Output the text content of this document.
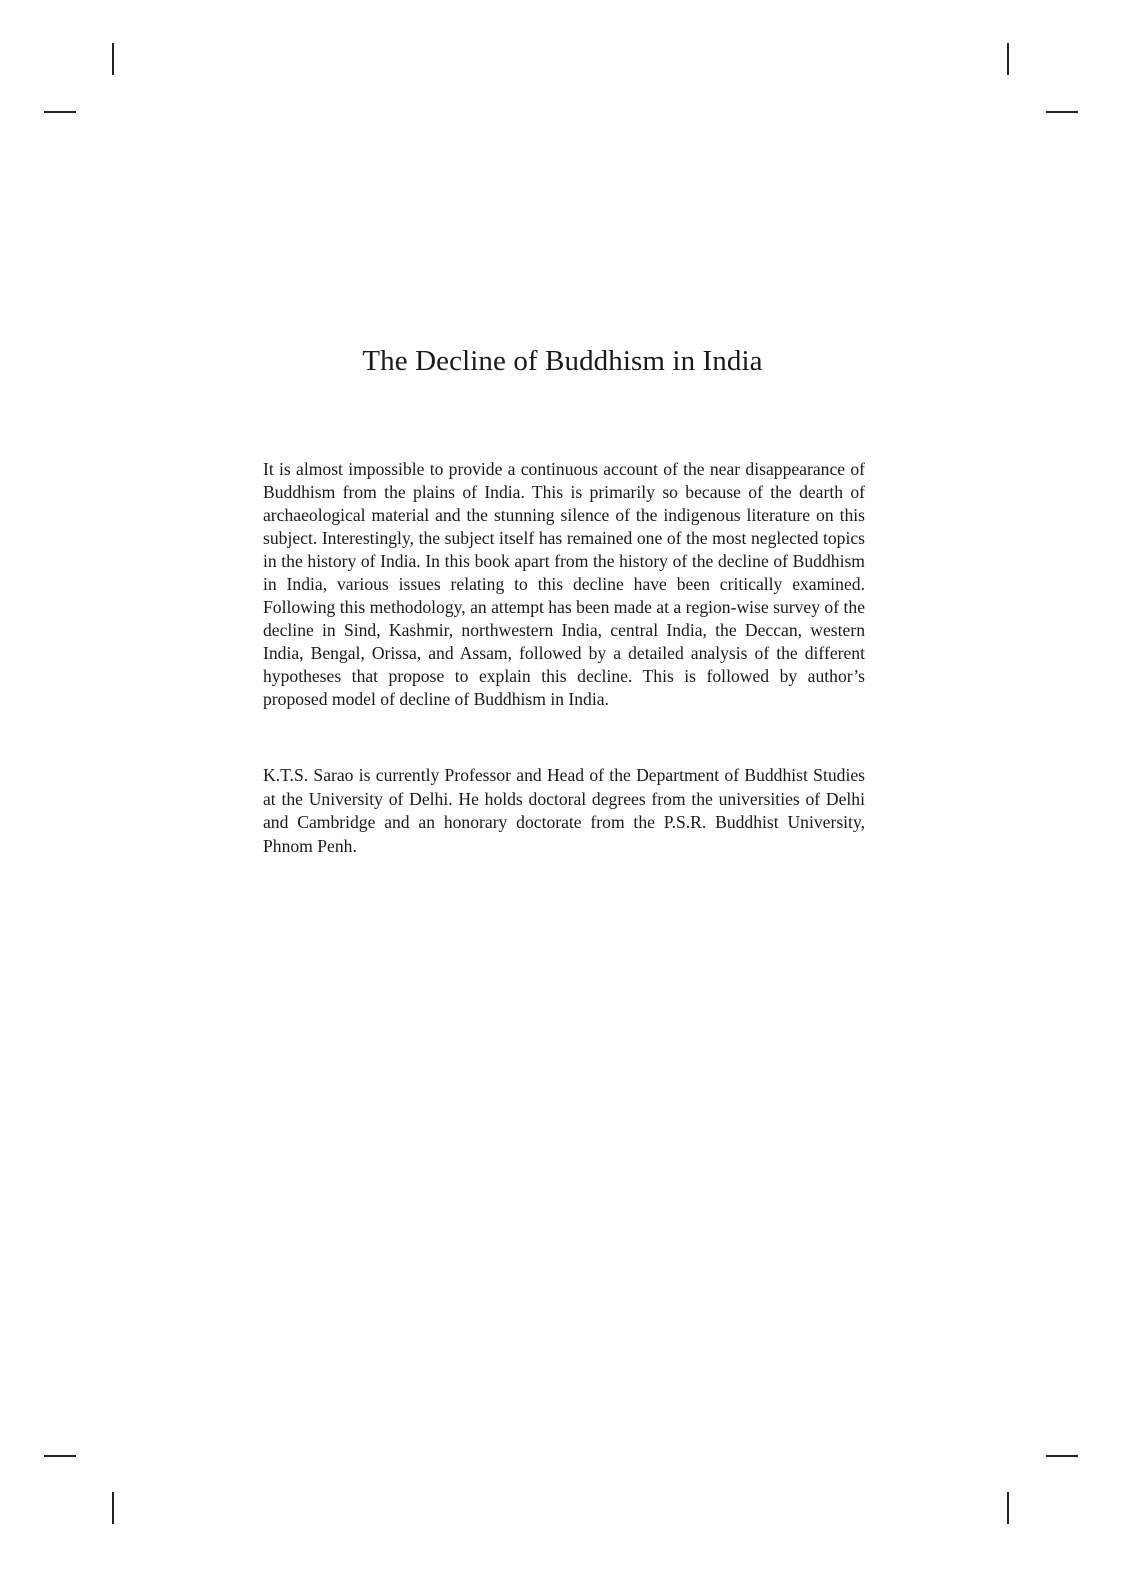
The Decline of Buddhism in India

It is almost impossible to provide a continuous account of the near disappearance of Buddhism from the plains of India. This is primarily so because of the dearth of archaeological material and the stunning silence of the indigenous literature on this subject. Interestingly, the subject itself has remained one of the most neglected topics in the history of India. In this book apart from the history of the decline of Buddhism in India, various issues relating to this decline have been critically examined. Following this methodology, an attempt has been made at a region-wise survey of the decline in Sind, Kashmir, northwestern India, central India, the Deccan, western India, Bengal, Orissa, and Assam, followed by a detailed analysis of the different hypotheses that propose to explain this decline. This is followed by author’s proposed model of decline of Buddhism in India.

K.T.S. Sarao is currently Professor and Head of the Department of Buddhist Studies at the University of Delhi. He holds doctoral degrees from the universities of Delhi and Cambridge and an honorary doctorate from the P.S.R. Buddhist University, Phnom Penh.
